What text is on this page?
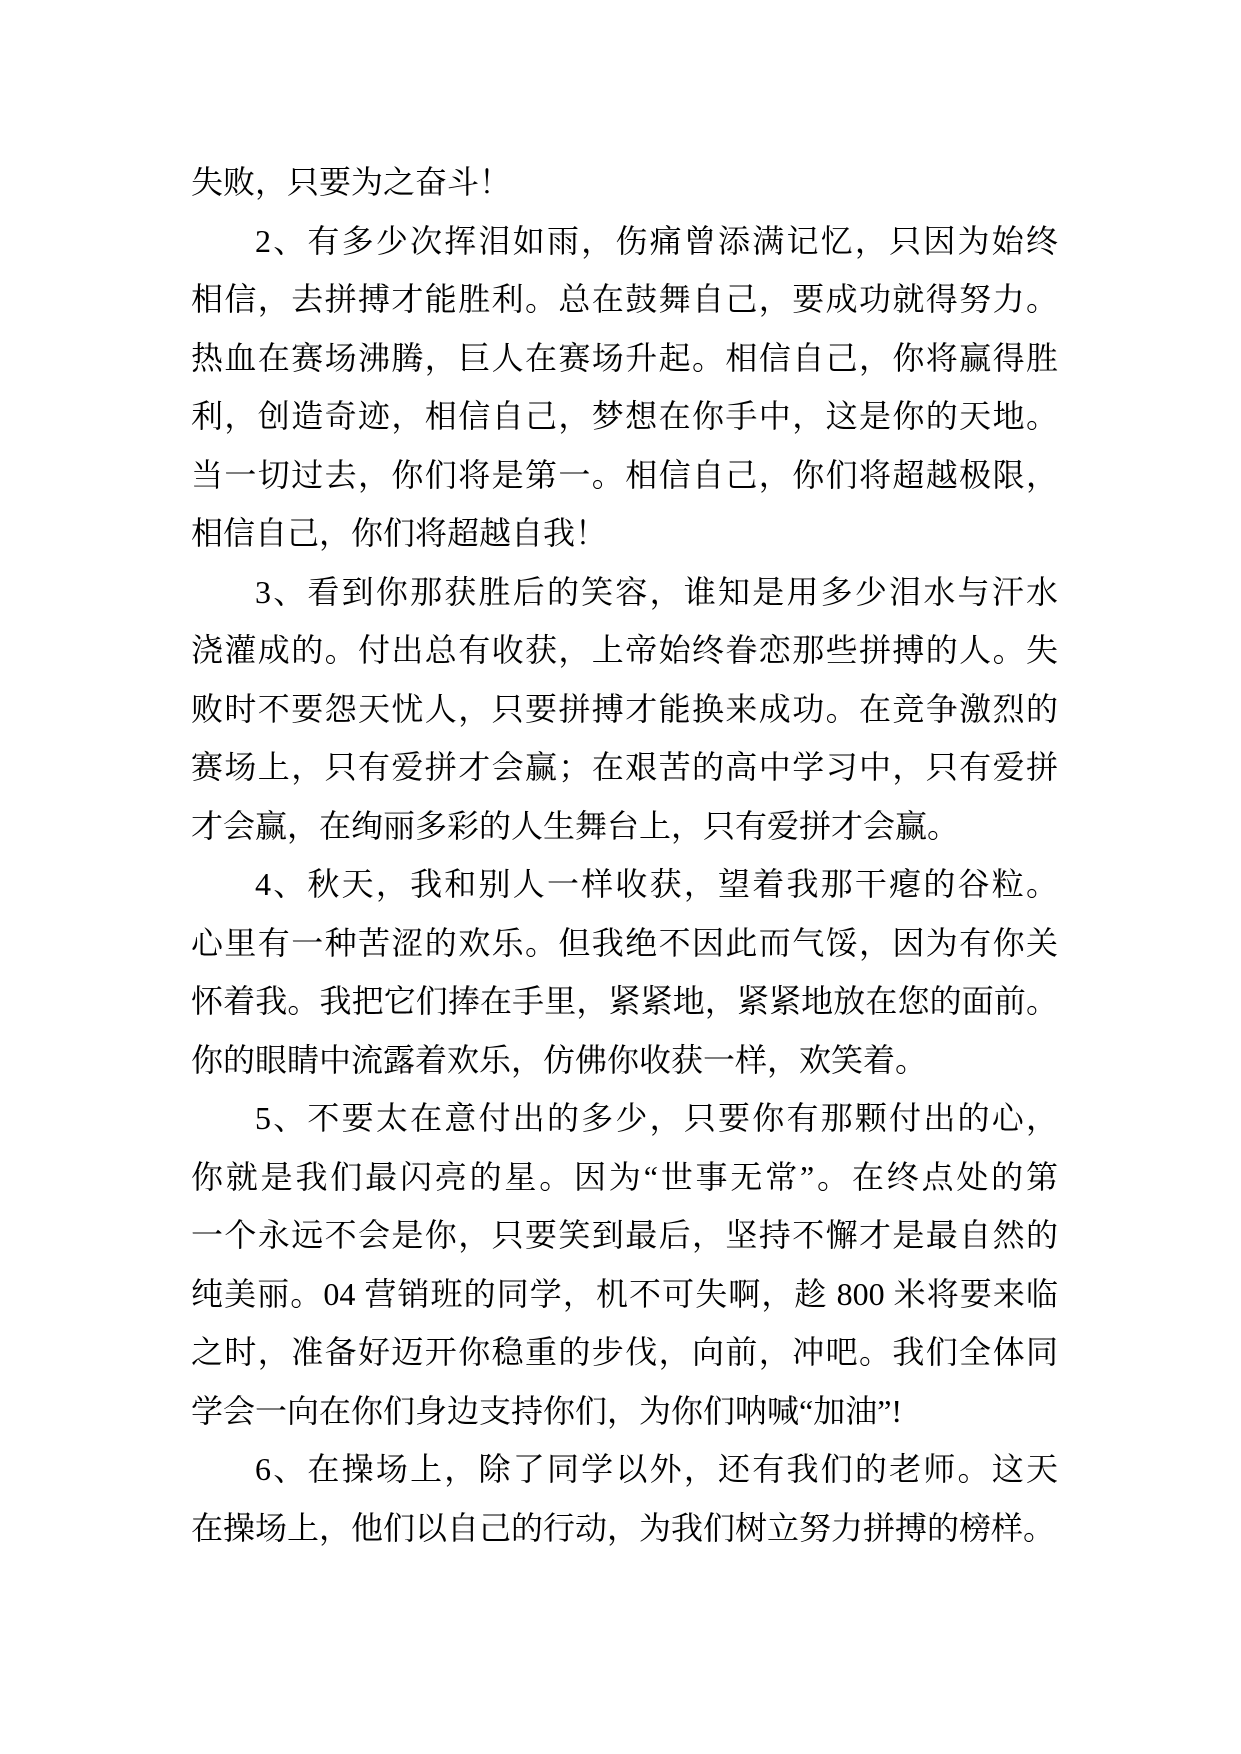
失败，只要为之奋斗！
2、有多少次挥泪如雨，伤痛曾添满记忆，只因为始终
相信，去拼搏才能胜利。总在鼓舞自己，要成功就得努力。
热血在赛场沸腾，巨人在赛场升起。相信自己，你将赢得胜
利，创造奇迹，相信自己，梦想在你手中，这是你的天地。
当一切过去，你们将是第一。相信自己，你们将超越极限，
相信自己，你们将超越自我！
3、看到你那获胜后的笑容，谁知是用多少泪水与汗水
浇灌成的。付出总有收获，上帝始终眷恋那些拼搏的人。失
败时不要怨天忧人，只要拼搏才能换来成功。在竞争激烈的
赛场上，只有爱拼才会赢；在艰苦的高中学习中，只有爱拼
才会赢，在绚丽多彩的人生舞台上，只有爱拼才会赢。
4、秋天，我和别人一样收获，望着我那干瘪的谷粒。
心里有一种苦涩的欢乐。但我绝不因此而气馁，因为有你关
怀着我。我把它们捧在手里，紧紧地，紧紧地放在您的面前。
你的眼睛中流露着欢乐，仿佛你收获一样，欢笑着。
5、不要太在意付出的多少，只要你有那颗付出的心，
你就是我们最闪亮的星。因为“世事无常”。在终点处的第
一个永远不会是你，只要笑到最后，坚持不懈才是最自然的
纯美丽。04 营销班的同学，机不可失啊，趁 800 米将要来临
之时，准备好迈开你稳重的步伐，向前，冲吧。我们全体同
学会一向在你们身边支持你们，为你们呐喊“加油”!
6、在操场上，除了同学以外，还有我们的老师。这天
在操场上，他们以自己的行动，为我们树立努力拼搏的榜样。
